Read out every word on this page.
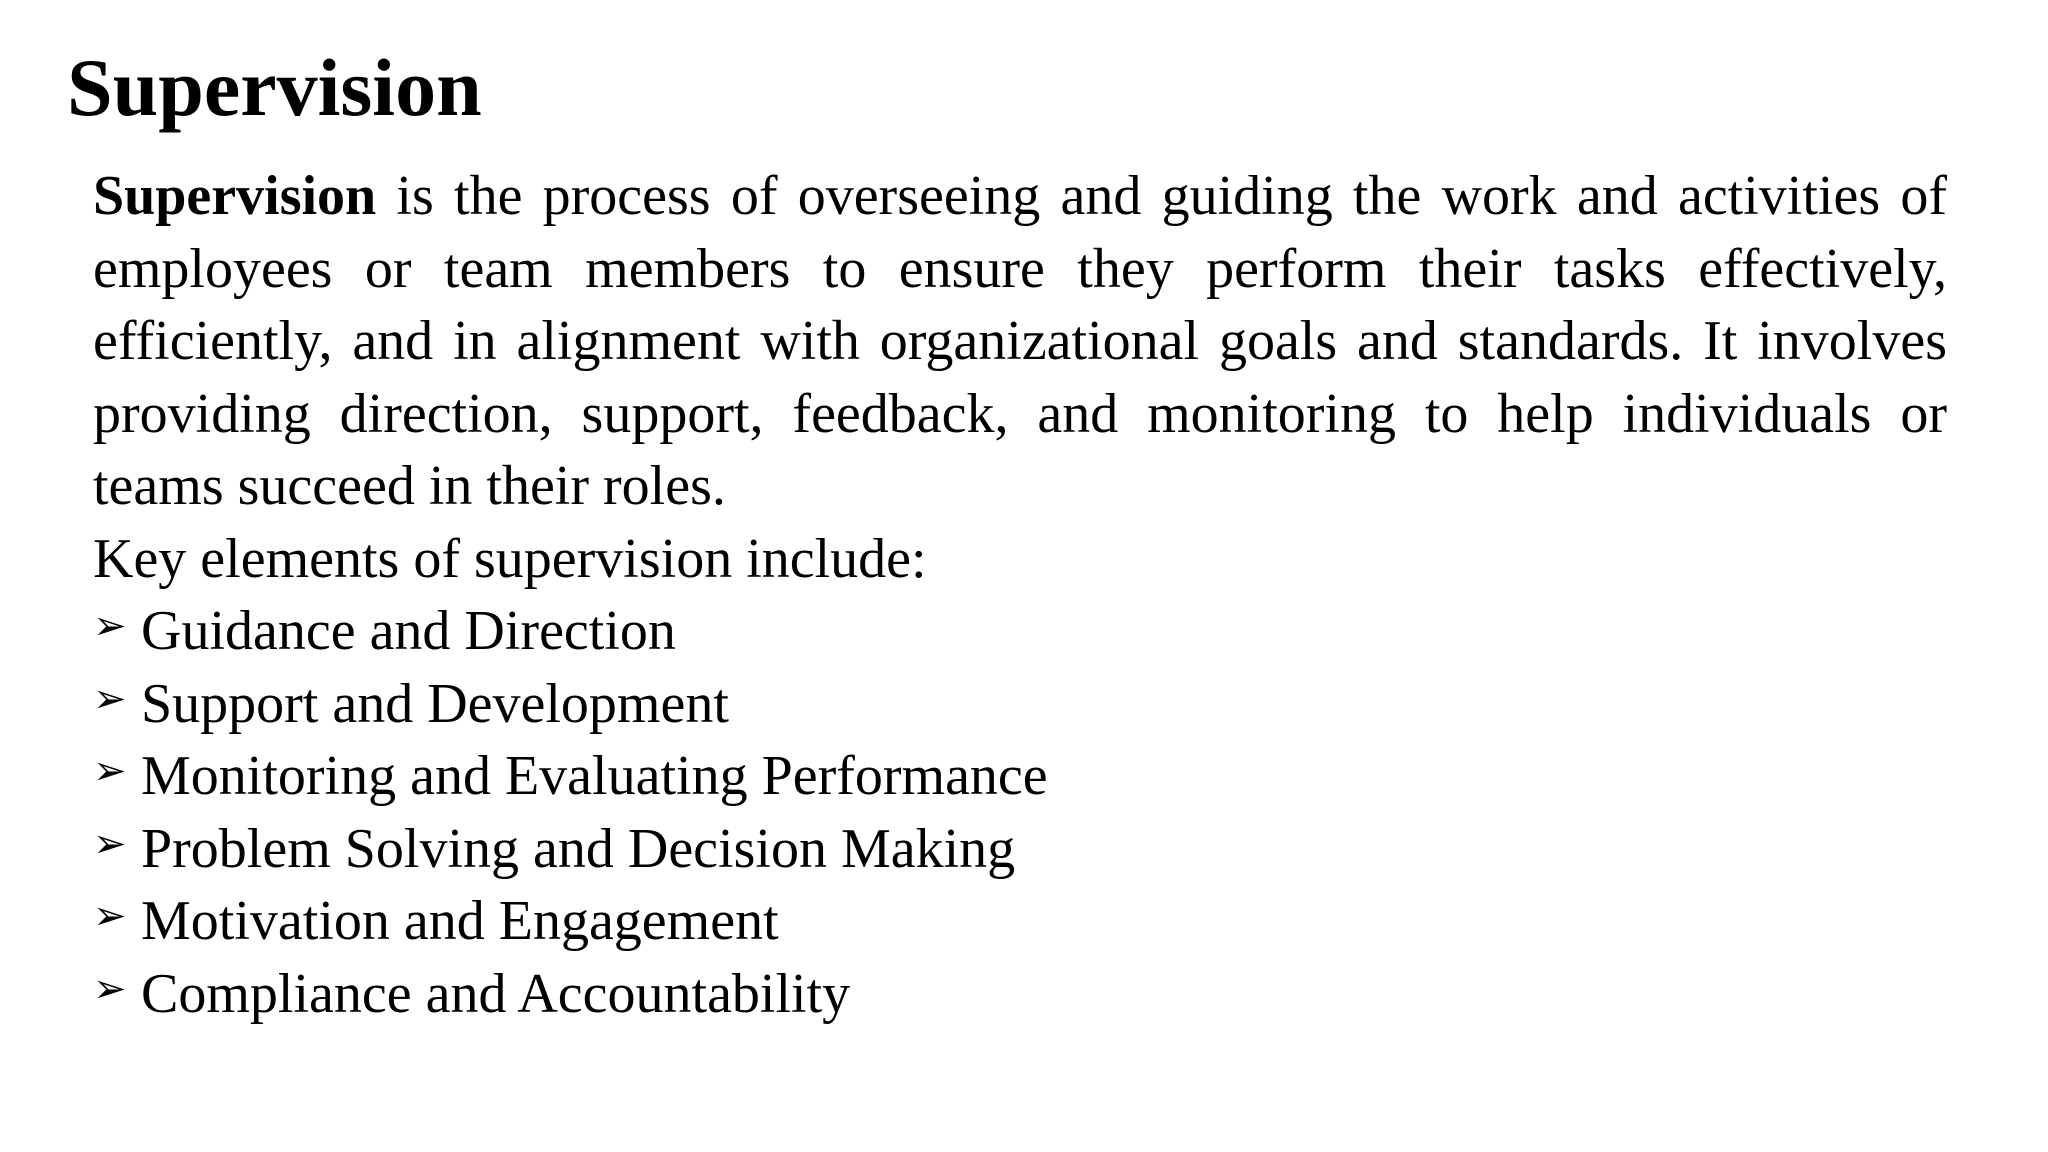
Supervision

Supervision is the process of overseeing and guiding the work and activities of employees or team members to ensure they perform their tasks effectively, efficiently, and in alignment with organizational goals and standards. It involves providing direction, support, feedback, and monitoring to help individuals or teams succeed in their roles.

Key elements of supervision include:

➢ Guidance and Direction
➢ Support and Development
➢ Monitoring and Evaluating Performance
➢ Problem Solving and Decision Making
➢ Motivation and Engagement
➢ Compliance and Accountability
